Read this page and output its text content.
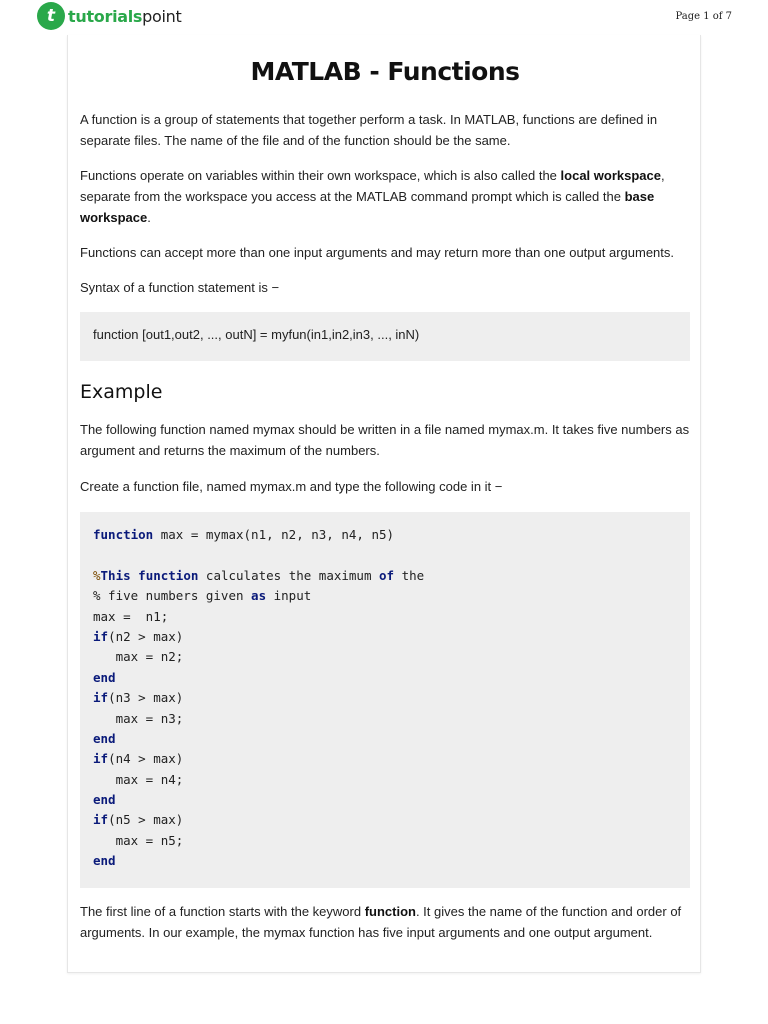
t tutorialspoint	Page 1 of 7
MATLAB - Functions
A function is a group of statements that together perform a task. In MATLAB, functions are defined in separate files. The name of the file and of the function should be the same.
Functions operate on variables within their own workspace, which is also called the local workspace, separate from the workspace you access at the MATLAB command prompt which is called the base workspace.
Functions can accept more than one input arguments and may return more than one output arguments.
Syntax of a function statement is −
function [out1,out2, ..., outN] = myfun(in1,in2,in3, ..., inN)
Example
The following function named mymax should be written in a file named mymax.m. It takes five numbers as argument and returns the maximum of the numbers.
Create a function file, named mymax.m and type the following code in it −
function max = mymax(n1, n2, n3, n4, n5)
%This function calculates the maximum of the
% five numbers given as input
max =  n1;
if(n2 > max)
max = n2;
end
if(n3 > max)
max = n3;
end
if(n4 > max)
max = n4;
end
if(n5 > max)
max = n5;
end
The first line of a function starts with the keyword function. It gives the name of the function and order of arguments. In our example, the mymax function has five input arguments and one output argument.
